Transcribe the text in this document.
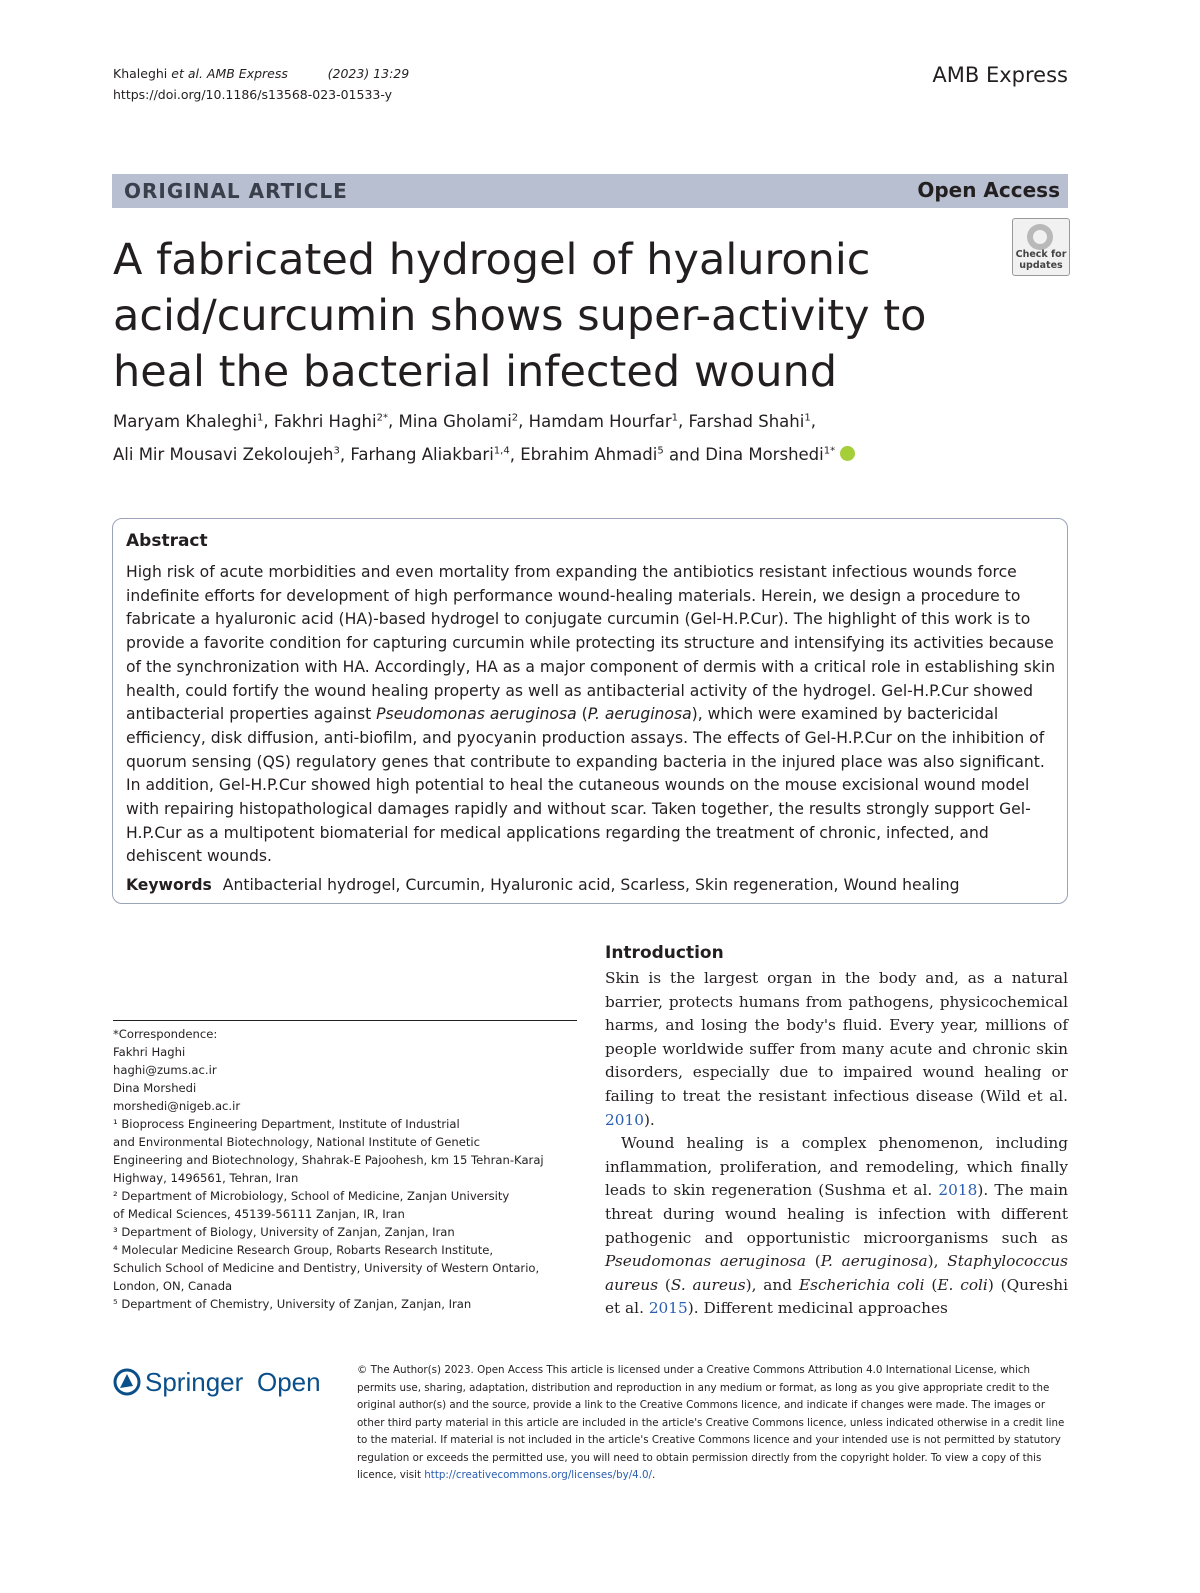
Khaleghi et al. AMB Express	(2023) 13:29
https://doi.org/10.1186/s13568-023-01533-y
AMB Express
ORIGINAL ARTICLE	Open Access
Check for updates
A fabricated hydrogel of hyaluronic acid/curcumin shows super-activity to heal the bacterial infected wound
Maryam Khaleghi$^1$, Fakhri Haghi$^{2*}$, Mina Gholami$^2$, Hamdam Hourfar$^1$, Farshad Shahi$^1$,
Ali Mir Mousavi Zekoloujeh$^3$, Farhang Aliakbari$^{1,4}$, Ebrahim Ahmadi$^5$ and Dina Morshedi$^{1*}$
Abstract
High risk of acute morbidities and even mortality from expanding the antibiotics resistant infectious wounds force indefinite efforts for development of high performance wound-healing materials. Herein, we design a procedure to fabricate a hyaluronic acid (HA)-based hydrogel to conjugate curcumin (Gel-H.P.Cur). The highlight of this work is to provide a favorite condition for capturing curcumin while protecting its structure and intensifying its activities because of the synchronization with HA. Accordingly, HA as a major component of dermis with a critical role in establishing skin health, could fortify the wound healing property as well as antibacterial activity of the hydrogel. Gel-H.P.Cur showed antibacterial properties against Pseudomonas aeruginosa (P. aeruginosa), which were examined by bactericidal efficiency, disk diffusion, anti-biofilm, and pyocyanin production assays. The effects of Gel-H.P.Cur on the inhibition of quorum sensing (QS) regulatory genes that contribute to expanding bacteria in the injured place was also significant. In addition, Gel-H.P.Cur showed high potential to heal the cutaneous wounds on the mouse excisional wound model with repairing histopathological damages rapidly and without scar. Taken together, the results strongly support Gel-H.P.Cur as a multipotent biomaterial for medical applications regarding the treatment of chronic, infected, and dehiscent wounds.
Keywords Antibacterial hydrogel, Curcumin, Hyaluronic acid, Scarless, Skin regeneration, Wound healing
*Correspondence:
Fakhri Haghi
haghi@zums.ac.ir
Dina Morshedi
morshedi@nigeb.ac.ir
¹ Bioprocess Engineering Department, Institute of Industrial
and Environmental Biotechnology, National Institute of Genetic
Engineering and Biotechnology, Shahrak-E Pajoohesh, km 15 Tehran-Karaj
Highway, 1496561, Tehran, Iran
² Department of Microbiology, School of Medicine, Zanjan University
of Medical Sciences, 45139-56111 Zanjan, IR, Iran
³ Department of Biology, University of Zanjan, Zanjan, Iran
⁴ Molecular Medicine Research Group, Robarts Research Institute,
Schulich School of Medicine and Dentistry, University of Western Ontario,
London, ON, Canada
⁵ Department of Chemistry, University of Zanjan, Zanjan, Iran
Introduction

Skin is the largest organ in the body and, as a natural barrier, protects humans from pathogens, physicochemical harms, and losing the body's fluid. Every year, millions of people worldwide suffer from many acute and chronic skin disorders, especially due to impaired wound healing or failing to treat the resistant infectious disease (Wild et al. 2010).

Wound healing is a complex phenomenon, including inflammation, proliferation, and remodeling, which finally leads to skin regeneration (Sushma et al. 2018). The main threat during wound healing is infection with different pathogenic and opportunistic microorganisms such as Pseudomonas aeruginosa (P. aeruginosa), Staphylococcus aureus (S. aureus), and Escherichia coli (E. coli) (Qureshi et al. 2015). Different medicinal approaches

Springer Open	© The Author(s) 2023. Open Access This article is licensed under a Creative Commons Attribution 4.0 International License, which permits use, sharing, adaptation, distribution and reproduction in any medium or format, as long as you give appropriate credit to the original author(s) and the source, provide a link to the Creative Commons licence, and indicate if changes were made. The images or other third party material in this article are included in the article's Creative Commons licence, unless indicated otherwise in a credit line to the material. If material is not included in the article's Creative Commons licence and your intended use is not permitted by statutory regulation or exceeds the permitted use, you will need to obtain permission directly from the copyright holder. To view a copy of this licence, visit http://creativecommons.org/licenses/by/4.0/.
